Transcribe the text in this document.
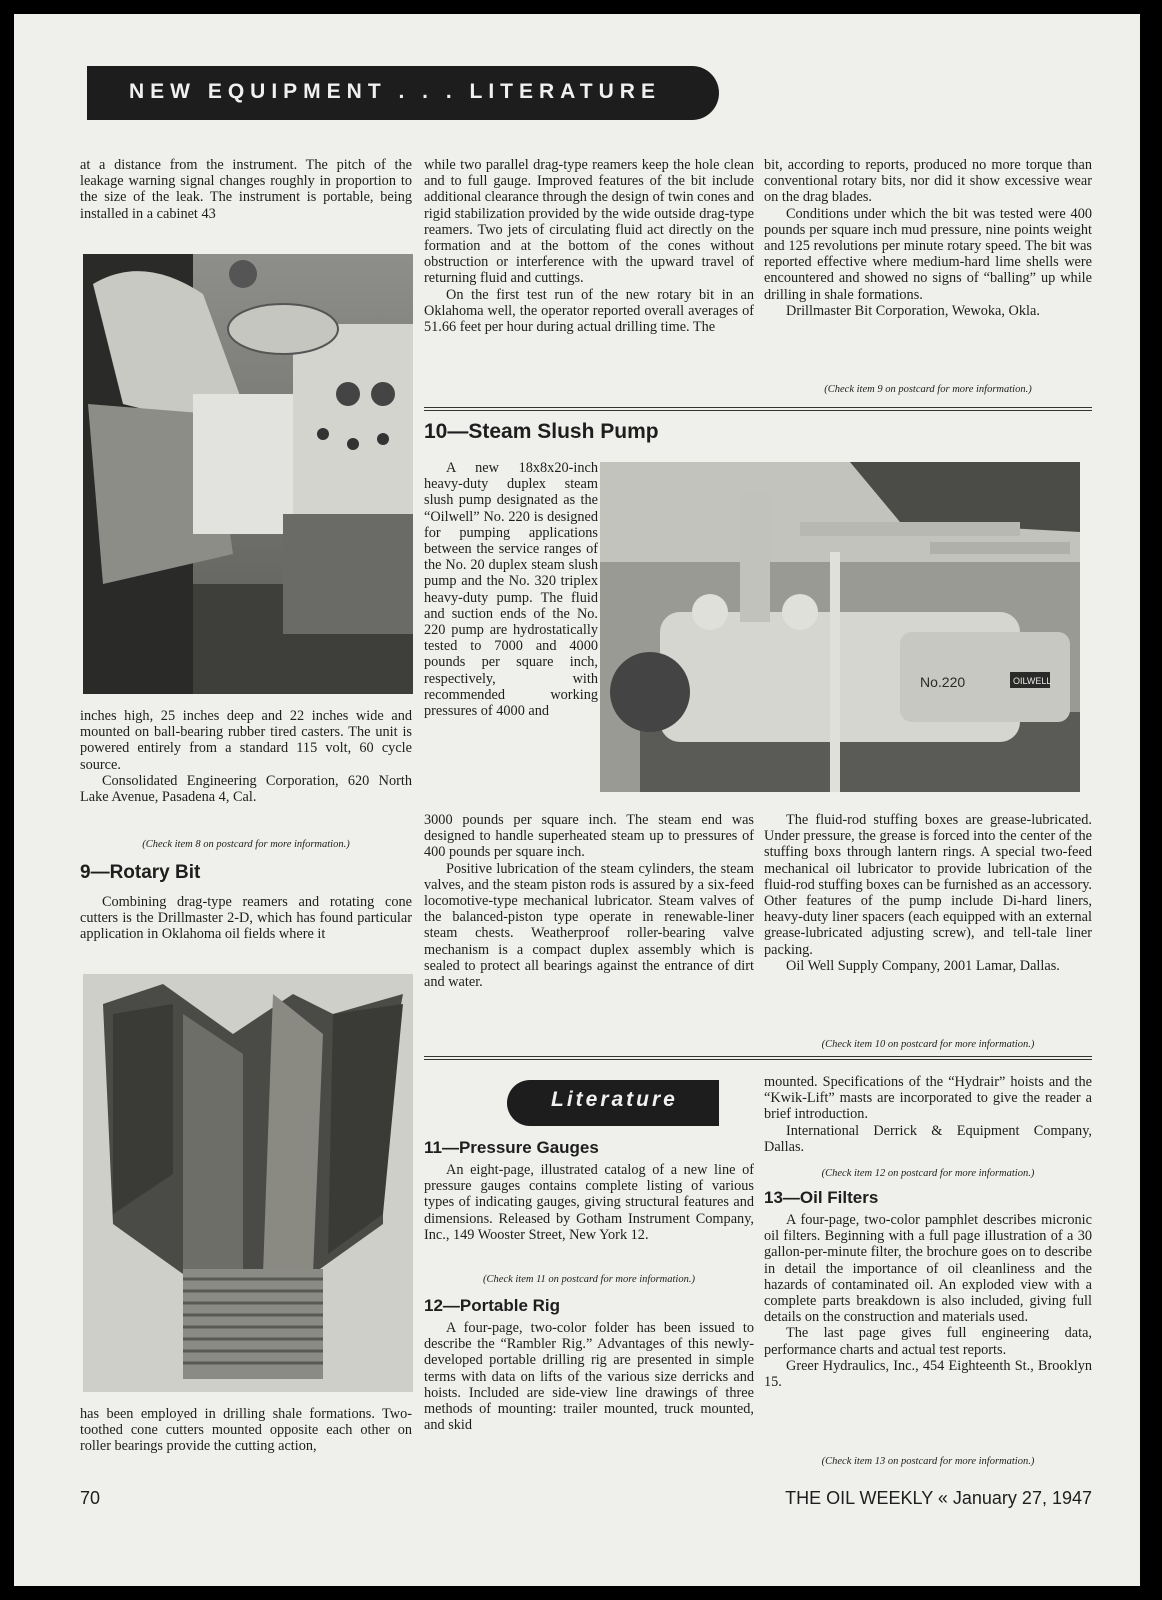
NEW EQUIPMENT . . . LITERATURE

at a distance from the instrument. The pitch of the leakage warning signal changes roughly in proportion to the size of the leak. The instrument is portable, being installed in a cabinet 43

inches high, 25 inches deep and 22 inches wide and mounted on ball-bearing rubber tired casters. The unit is powered entirely from a standard 115 volt, 60 cycle source.

Consolidated Engineering Corporation, 620 North Lake Avenue, Pasadena 4, Cal.

(Check item 8 on postcard for more information.)
9—Rotary Bit

Combining drag-type reamers and rotating cone cutters is the Drillmaster 2-D, which has found particular application in Oklahoma oil fields where it

has been employed in drilling shale formations. Two-toothed cone cutters mounted opposite each other on roller bearings provide the cutting action,

while two parallel drag-type reamers keep the hole clean and to full gauge. Improved features of the bit include additional clearance through the design of twin cones and rigid stabilization provided by the wide outside drag-type reamers. Two jets of circulating fluid act directly on the formation and at the bottom of the cones without obstruction or interference with the upward travel of returning fluid and cuttings.

On the first test run of the new rotary bit in an Oklahoma well, the operator reported overall averages of 51.66 feet per hour during actual drilling time. The

bit, according to reports, produced no more torque than conventional rotary bits, nor did it show excessive wear on the drag blades.

Conditions under which the bit was tested were 400 pounds per square inch mud pressure, nine points weight and 125 revolutions per minute rotary speed. The bit was reported effective where medium-hard lime shells were encountered and showed no signs of “balling” up while drilling in shale formations.

Drillmaster Bit Corporation, Wewoka, Okla.

(Check item 9 on postcard for more information.)
10—Steam Slush Pump

A new 18x8x20-inch heavy-duty duplex steam slush pump designated as the “Oilwell” No. 220 is designed for pumping applications between the service ranges of the No. 20 duplex steam slush pump and the No. 320 triplex heavy-duty pump. The fluid and suction ends of the No. 220 pump are hydrostatically tested to 7000 and 4000 pounds per square inch, respectively, with recommended working pressures of 4000 and

No.220	OILWELL

3000 pounds per square inch. The steam end was designed to handle superheated steam up to pressures of 400 pounds per square inch.

Positive lubrication of the steam cylinders, the steam valves, and the steam piston rods is assured by a six-feed locomotive-type mechanical lubricator. Steam valves of the balanced-piston type operate in renewable-liner steam chests. Weatherproof roller-bearing valve mechanism is a compact duplex assembly which is sealed to protect all bearings against the entrance of dirt and water.

The fluid-rod stuffing boxes are grease-lubricated. Under pressure, the grease is forced into the center of the stuffing boxs through lantern rings. A special two-feed mechanical oil lubricator to provide lubrication of the fluid-rod stuffing boxes can be furnished as an accessory. Other features of the pump include Di-hard liners, heavy-duty liner spacers (each equipped with an external grease-lubricated adjusting screw), and tell-tale liner packing.

Oil Well Supply Company, 2001 Lamar, Dallas.

(Check item 10 on postcard for more information.)
Literature
11—Pressure Gauges

An eight-page, illustrated catalog of a new line of pressure gauges contains complete listing of various types of indicating gauges, giving structural features and dimensions. Released by Gotham Instrument Company, Inc., 149 Wooster Street, New York 12.

(Check item 11 on postcard for more information.)
12—Portable Rig

A four-page, two-color folder has been issued to describe the “Rambler Rig.” Advantages of this newly-developed portable drilling rig are presented in simple terms with data on lifts of the various size derricks and hoists. Included are side-view line drawings of three methods of mounting: trailer mounted, truck mounted, and skid

mounted. Specifications of the “Hydrair” hoists and the “Kwik-Lift” masts are incorporated to give the reader a brief introduction.

International Derrick & Equipment Company, Dallas.

(Check item 12 on postcard for more information.)
13—Oil Filters

A four-page, two-color pamphlet describes micronic oil filters. Beginning with a full page illustration of a 30 gallon-per-minute filter, the brochure goes on to describe in detail the importance of oil cleanliness and the hazards of contaminated oil. An exploded view with a complete parts breakdown is also included, giving full details on the construction and materials used.

The last page gives full engineering data, performance charts and actual test reports.

Greer Hydraulics, Inc., 454 Eighteenth St., Brooklyn 15.

(Check item 13 on postcard for more information.)
70	THE OIL WEEKLY « January 27, 1947
